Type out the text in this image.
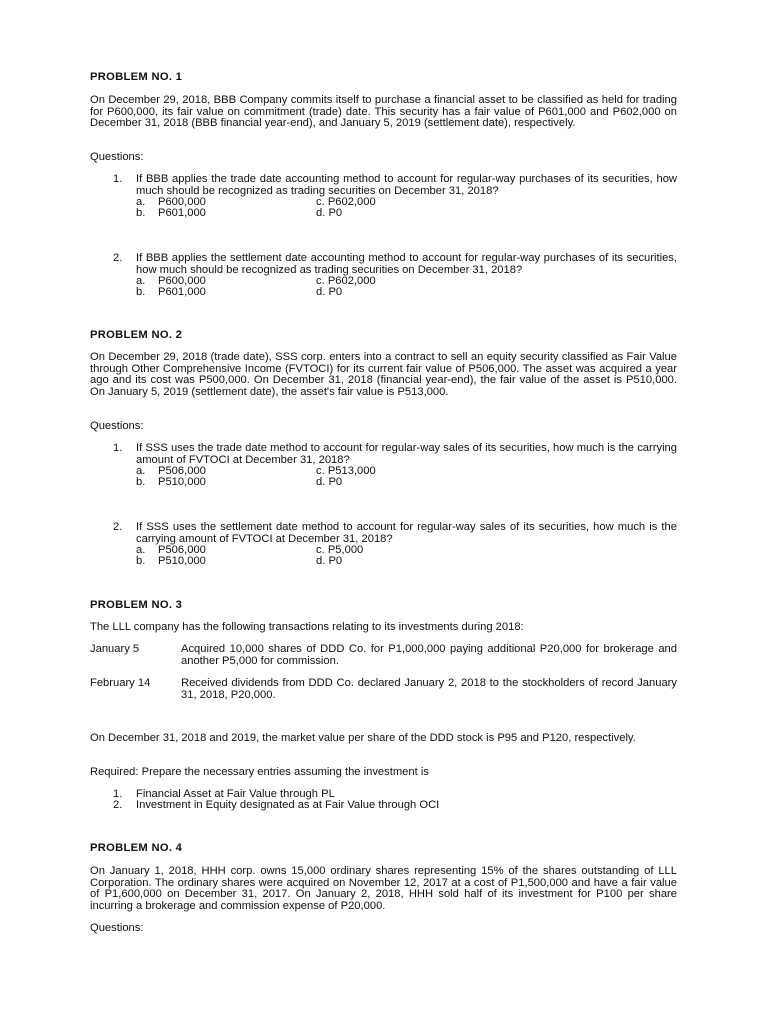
PROBLEM NO. 1
On December 29, 2018, BBB Company commits itself to purchase a financial asset to be classified as held for trading for P600,000, its fair value on commitment (trade) date. This security has a fair value of P601,000 and P602,000 on December 31, 2018 (BBB financial year-end), and January 5, 2019 (settlement date), respectively.
Questions:
1. If BBB applies the trade date accounting method to account for regular-way purchases of its securities, how much should be recognized as trading securities on December 31, 2018?
a. P600,000
b. P601,000
c. P602,000
d. P0
2. If BBB applies the settlement date accounting method to account for regular-way purchases of its securities, how much should be recognized as trading securities on December 31, 2018?
a. P600,000
b. P601,000
c. P602,000
d. P0
PROBLEM NO. 2
On December 29, 2018 (trade date), SSS corp. enters into a contract to sell an equity security classified as Fair Value through Other Comprehensive Income (FVTOCI) for its current fair value of P506,000. The asset was acquired a year ago and its cost was P500,000. On December 31, 2018 (financial year-end), the fair value of the asset is P510,000. On January 5, 2019 (settlement date), the asset's fair value is P513,000.
Questions:
1. If SSS uses the trade date method to account for regular-way sales of its securities, how much is the carrying amount of FVTOCI at December 31, 2018?
a. P506,000
b. P510,000
c. P513,000
d. P0
2. If SSS uses the settlement date method to account for regular-way sales of its securities, how much is the carrying amount of FVTOCI at December 31, 2018?
a. P506,000
b. P510,000
c. P5,000
d. P0
PROBLEM NO. 3
The LLL company has the following transactions relating to its investments during 2018:
January 5	Acquired 10,000 shares of DDD Co. for P1,000,000 paying additional P20,000 for brokerage and another P5,000 for commission.
February 14	Received dividends from DDD Co. declared January 2, 2018 to the stockholders of record January 31, 2018, P20,000.
On December 31, 2018 and 2019, the market value per share of the DDD stock is P95 and P120, respectively.
Required: Prepare the necessary entries assuming the investment is
1. Financial Asset at Fair Value through PL
2. Investment in Equity designated as at Fair Value through OCI
PROBLEM NO. 4
On January 1, 2018, HHH corp. owns 15,000 ordinary shares representing 15% of the shares outstanding of LLL Corporation. The ordinary shares were acquired on November 12, 2017 at a cost of P1,500,000 and have a fair value of P1,600,000 on December 31, 2017. On January 2, 2018, HHH sold half of its investment for P100 per share incurring a brokerage and commission expense of P20,000.
Questions:
